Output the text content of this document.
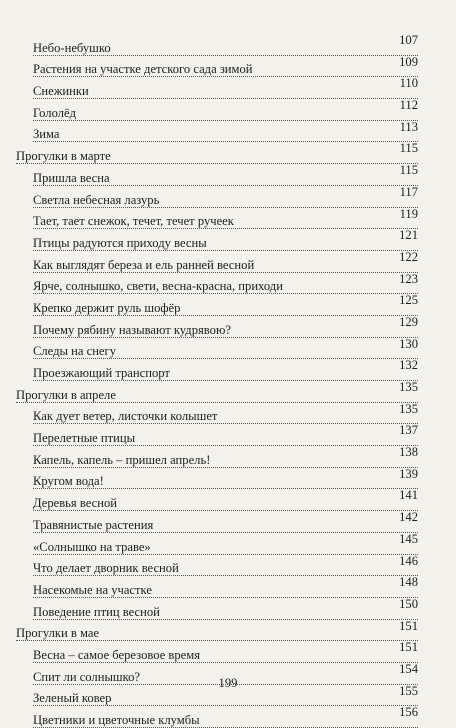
Небо-небушко
107
Растения на участке детского сада зимой
109
Снежинки
110
Гололёд
112
Зима
113
Прогулки в марте
115
Пришла весна
115
Светла небесная лазурь
117
Тает, тает снежок, течет, течет ручеек
119
Птицы радуются приходу весны
121
Как выглядят береза и ель ранней весной
122
Ярче, солнышко, свети, весна-красна, приходи
123
Крепко держит руль шофёр
125
Почему рябину называют кудрявою?
129
Следы на снегу
130
Проезжающий транспорт
132
Прогулки в апреле
135
Как дует ветер, листочки колышет
135
Перелетные птицы
137
Капель, капель – пришел апрель!
138
Кругом вода!
139
Деревья весной
141
Травянистые растения
142
«Солнышко на траве»
145
Что делает дворник весной
146
Насекомые на участке
148
Поведение птиц весной
150
Прогулки в мае
151
Весна – самое березовое время
151
Спит ли солнышко?
154
Зеленый ковер
155
Цветники и цветочные клумбы
156
199
